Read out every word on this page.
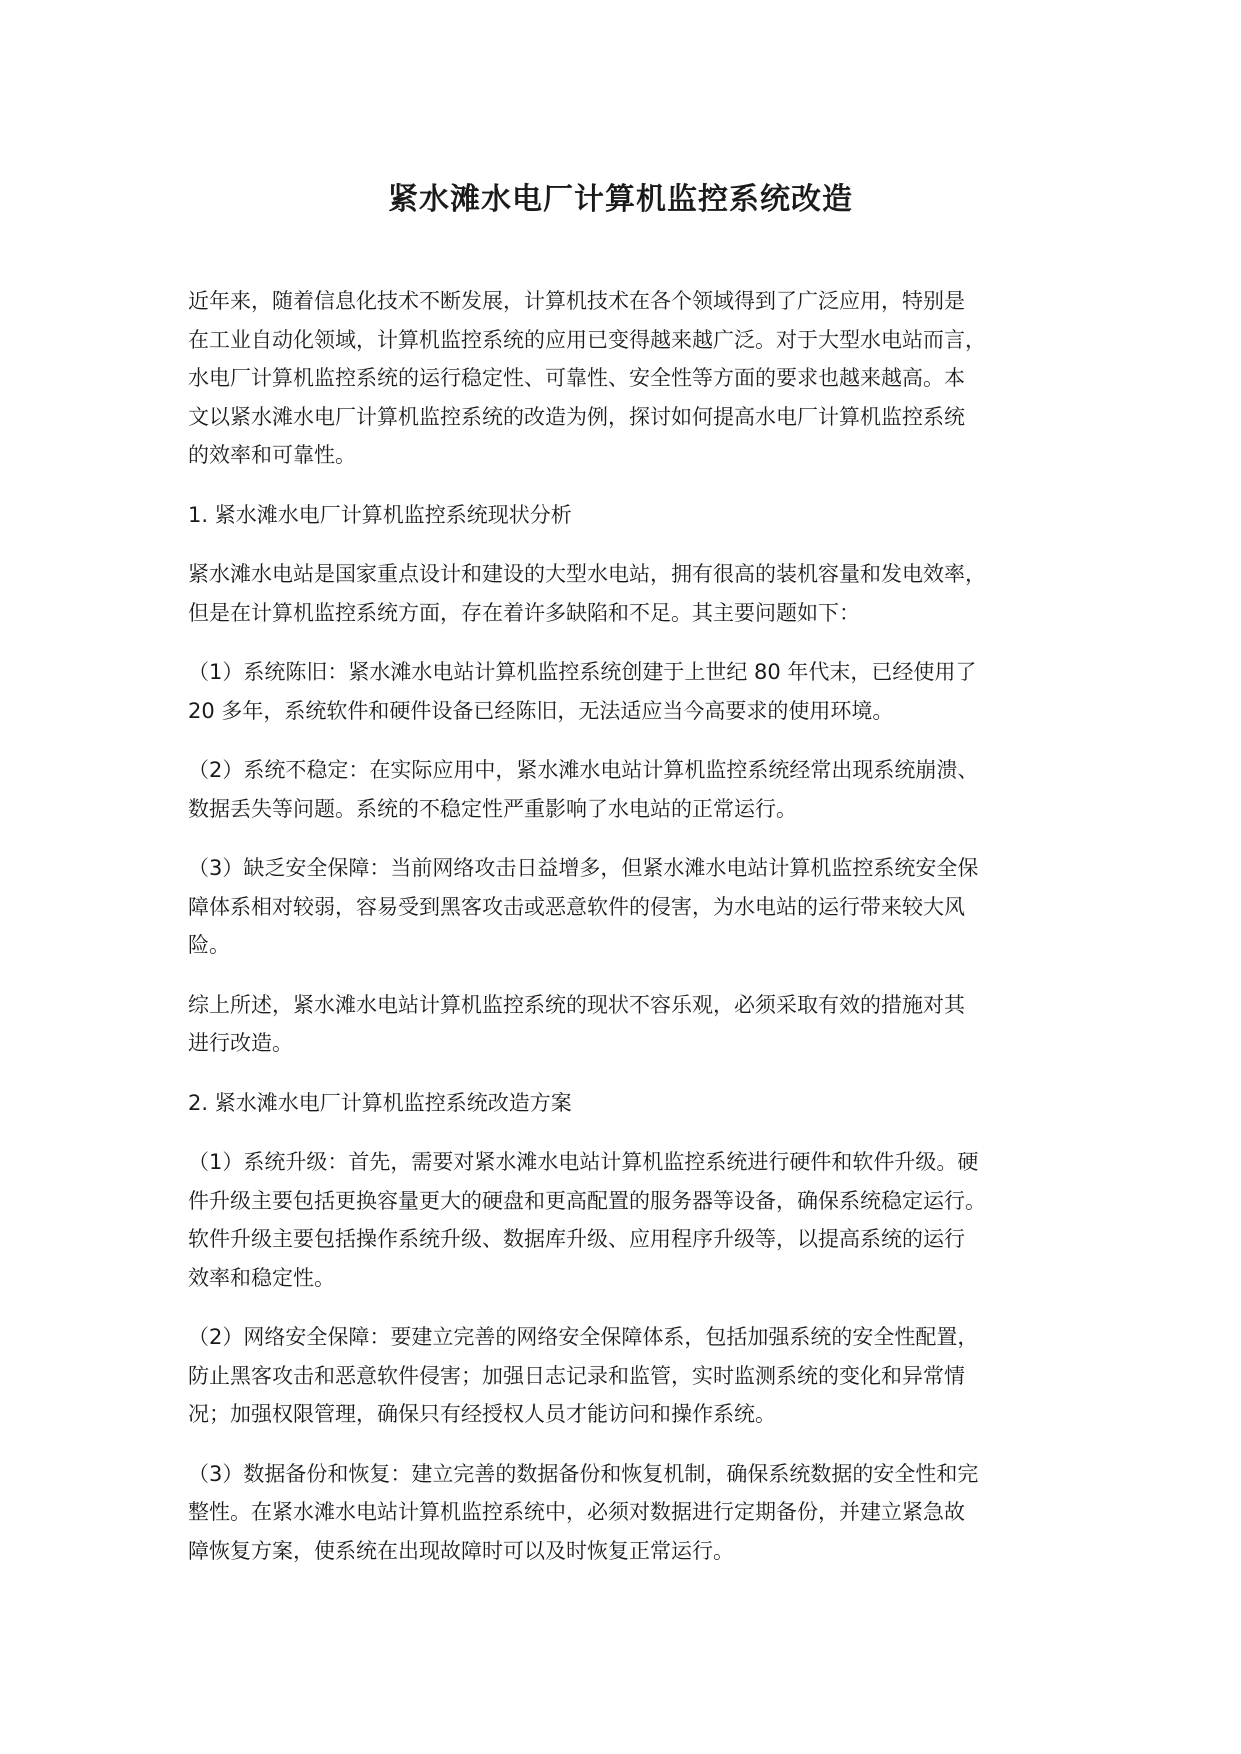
紧水滩水电厂计算机监控系统改造

近年来，随着信息化技术不断发展，计算机技术在各个领域得到了广泛应用，特别是
在工业自动化领域，计算机监控系统的应用已变得越来越广泛。对于大型水电站而言，
水电厂计算机监控系统的运行稳定性、可靠性、安全性等方面的要求也越来越高。本
文以紧水滩水电厂计算机监控系统的改造为例，探讨如何提高水电厂计算机监控系统
的效率和可靠性。

1. 紧水滩水电厂计算机监控系统现状分析

紧水滩水电站是国家重点设计和建设的大型水电站，拥有很高的装机容量和发电效率，
但是在计算机监控系统方面，存在着许多缺陷和不足。其主要问题如下：

（1）系统陈旧：紧水滩水电站计算机监控系统创建于上世纪 80 年代末，已经使用了
20 多年，系统软件和硬件设备已经陈旧，无法适应当今高要求的使用环境。

（2）系统不稳定：在实际应用中，紧水滩水电站计算机监控系统经常出现系统崩溃、
数据丢失等问题。系统的不稳定性严重影响了水电站的正常运行。

（3）缺乏安全保障：当前网络攻击日益增多，但紧水滩水电站计算机监控系统安全保
障体系相对较弱，容易受到黑客攻击或恶意软件的侵害，为水电站的运行带来较大风
险。

综上所述，紧水滩水电站计算机监控系统的现状不容乐观，必须采取有效的措施对其
进行改造。

2. 紧水滩水电厂计算机监控系统改造方案

（1）系统升级：首先，需要对紧水滩水电站计算机监控系统进行硬件和软件升级。硬
件升级主要包括更换容量更大的硬盘和更高配置的服务器等设备，确保系统稳定运行。
软件升级主要包括操作系统升级、数据库升级、应用程序升级等，以提高系统的运行
效率和稳定性。

（2）网络安全保障：要建立完善的网络安全保障体系，包括加强系统的安全性配置，
防止黑客攻击和恶意软件侵害；加强日志记录和监管，实时监测系统的变化和异常情
况；加强权限管理，确保只有经授权人员才能访问和操作系统。

（3）数据备份和恢复：建立完善的数据备份和恢复机制，确保系统数据的安全性和完
整性。在紧水滩水电站计算机监控系统中，必须对数据进行定期备份，并建立紧急故
障恢复方案，使系统在出现故障时可以及时恢复正常运行。
